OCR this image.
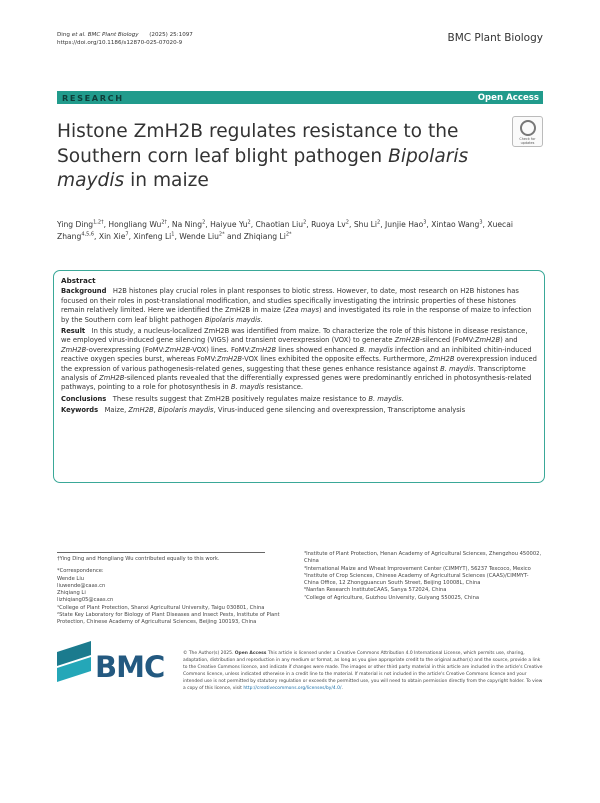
Ding et al. BMC Plant Biology (2025) 25:1097
https://doi.org/10.1186/s12870-025-07020-9	BMC Plant Biology
RESEARCH	Open Access
Histone ZmH2B regulates resistance to the Southern corn leaf blight pathogen Bipolaris maydis in maize
Check for
updates
Ying Ding$^{1,2\dagger}$, Hongliang $Wu^{2\dagger}$, Na Ning$^2$, Haiyue Yu$^2$, Chaotian Liu$^2$, Ruoya Lv$^2$, Shu Li$^2$, Junjie Hao$^3$, Xintao Wang$^3$, Xuecai Zhang$^{4,5,6}$, Xin Xie$^7$, Xinfeng Li$^1$, Wende Liu$^{2*}$ and Zhiqiang $Li^{2*}$
Abstract

Background H2B histones play crucial roles in plant responses to biotic stress. However, to date, most research on H2B histones has focused on their roles in post-translational modification, and studies specifically investigating the intrinsic properties of these histones remain relatively limited. Here we identified the ZmH2B in maize (Zea mays) and investigated its role in the response of maize to infection by the Southern corn leaf blight pathogen Bipolaris maydis.

Result In this study, a nucleus-localized ZmH2B was identified from maize. To characterize the role of this histone in disease resistance, we employed virus-induced gene silencing (VIGS) and transient overexpression (VOX) to generate ZmH2B-silenced (FoMV:ZmH2B) and ZmH2B-overexpressing (FoMV:ZmH2B-VOX) lines. FoMV:ZmH2B lines showed enhanced B. maydis infection and an inhibited chitin-induced reactive oxygen species burst, whereas FoMV:ZmH2B-VOX lines exhibited the opposite effects. Furthermore, ZmH2B overexpression induced the expression of various pathogenesis-related genes, suggesting that these genes enhance resistance against B. maydis. Transcriptome analysis of ZmH2B-silenced plants revealed that the differentially expressed genes were predominantly enriched in photosynthesis-related pathways, pointing to a role for photosynthesis in B. maydis resistance.

Conclusions These results suggest that ZmH2B positively regulates maize resistance to B. maydis.

Keywords Maize, ZmH2B, Bipolaris maydis, Virus-induced gene silencing and overexpression, Transcriptome analysis

†Ying Ding and Hongliang Wu contributed equally to this work.

*Correspondence:

Wende Liu

liuwende@caas.cn

Zhiqiang Li

lizhiqiang05@caas.cn

¹College of Plant Protection, Shanxi Agricultural University, Taigu 030801, China

²State Key Laboratory for Biology of Plant Diseases and Insect Pests, Institute of Plant Protection, Chinese Academy of Agricultural Sciences, Beijing 100193, China

³Institute of Plant Protection, Henan Academy of Agricultural Sciences, Zhengzhou 450002, China

⁴International Maize and Wheat Improvement Center (CIMMYT), 56237 Texcoco, Mexico

⁵Institute of Crop Sciences, Chinese Academy of Agricultural Sciences (CAAS)/CIMMYT-China Office, 12 Zhongguancun South Street, Beijing 10008L, China

⁶Nanfan Research InstituteCAAS, Sanya 572024, China

⁷College of Agriculture, Guizhou University, Guiyang 550025, China

BMC	© The Author(s) 2025. Open Access This article is licensed under a Creative Commons Attribution 4.0 International License, which permits use, sharing, adaptation, distribution and reproduction in any medium or format, as long as you give appropriate credit to the original author(s) and the source, provide a link to the Creative Commons licence, and indicate if changes were made. The images or other third party material in this article are included in the article's Creative Commons licence, unless indicated otherwise in a credit line to the material. If material is not included in the article's Creative Commons licence and your intended use is not permitted by statutory regulation or exceeds the permitted use, you will need to obtain permission directly from the copyright holder. To view a copy of this licence, visit http://creativecommons.org/licenses/by/4.0/.
